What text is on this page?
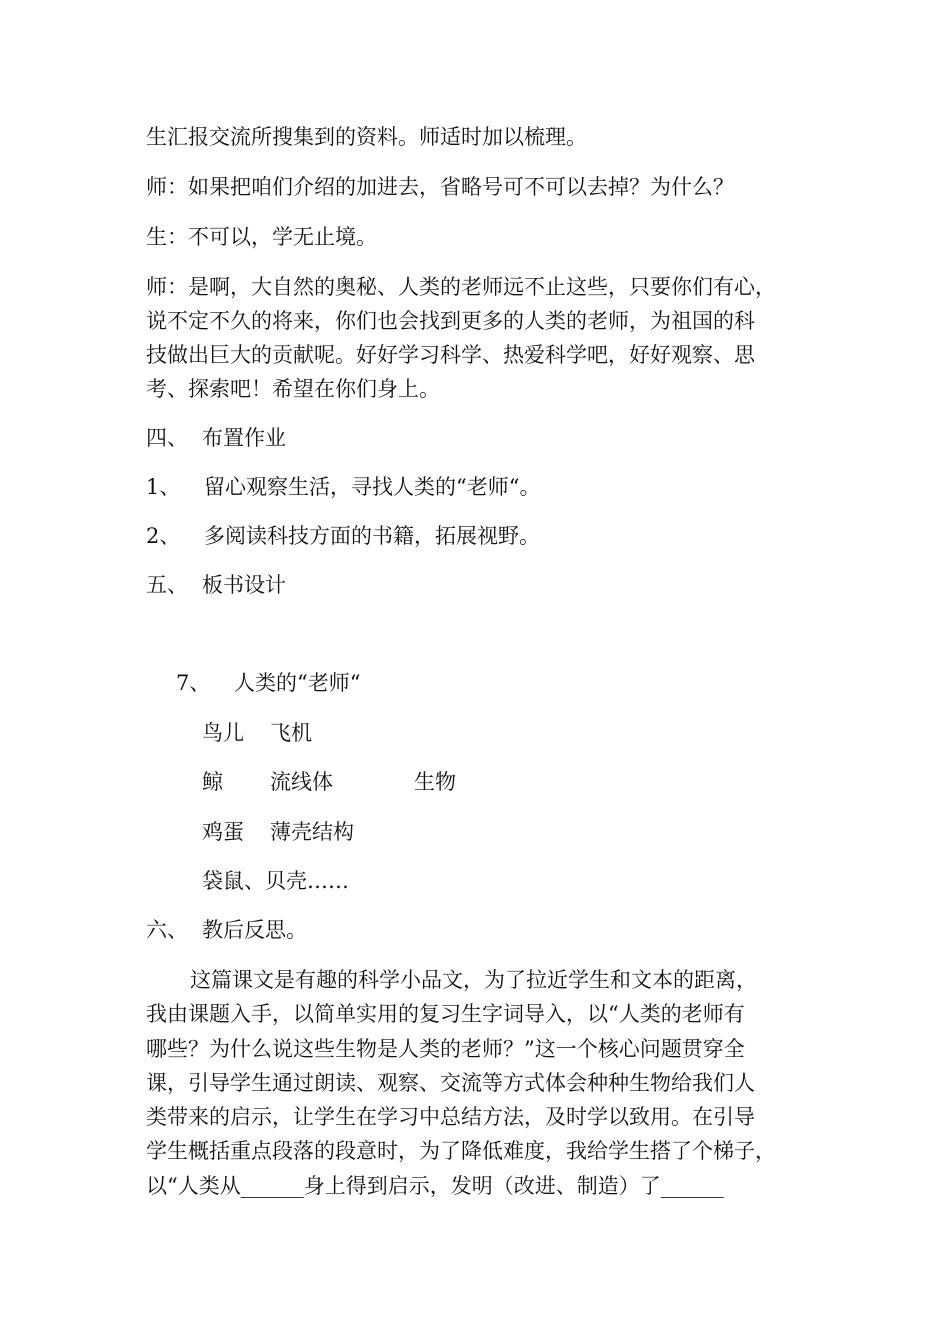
生汇报交流所搜集到的资料。师适时加以梳理。
师：如果把咱们介绍的加进去，省略号可不可以去掉？为什么？
生：不可以，学无止境。
师：是啊，大自然的奥秘、人类的老师远不止这些，只要你们有心，
说不定不久的将来，你们也会找到更多的人类的老师，为祖国的科
技做出巨大的贡献呢。好好学习科学、热爱科学吧，好好观察、思
考、探索吧！希望在你们身上。
四、 布置作业
1、 留心观察生活，寻找人类的“老师“。
2、 多阅读科技方面的书籍，拓展视野。
五、 板书设计
7、 人类的“老师“
鸟儿 飞机
鲸 流线体	生物
鸡蛋 薄壳结构
袋鼠、贝壳……
六、 教后反思。
这篇课文是有趣的科学小品文，为了拉近学生和文本的距离，
我由课题入手，以简单实用的复习生字词导入，以“人类的老师有
哪些？为什么说这些生物是人类的老师？”这一个核心问题贯穿全
课，引导学生通过朗读、观察、交流等方式体会种种生物给我们人
类带来的启示，让学生在学习中总结方法，及时学以致用。在引导
学生概括重点段落的段意时，为了降低难度，我给学生搭了个梯子，
以“人类从______身上得到启示，发明（改进、制造）了______
